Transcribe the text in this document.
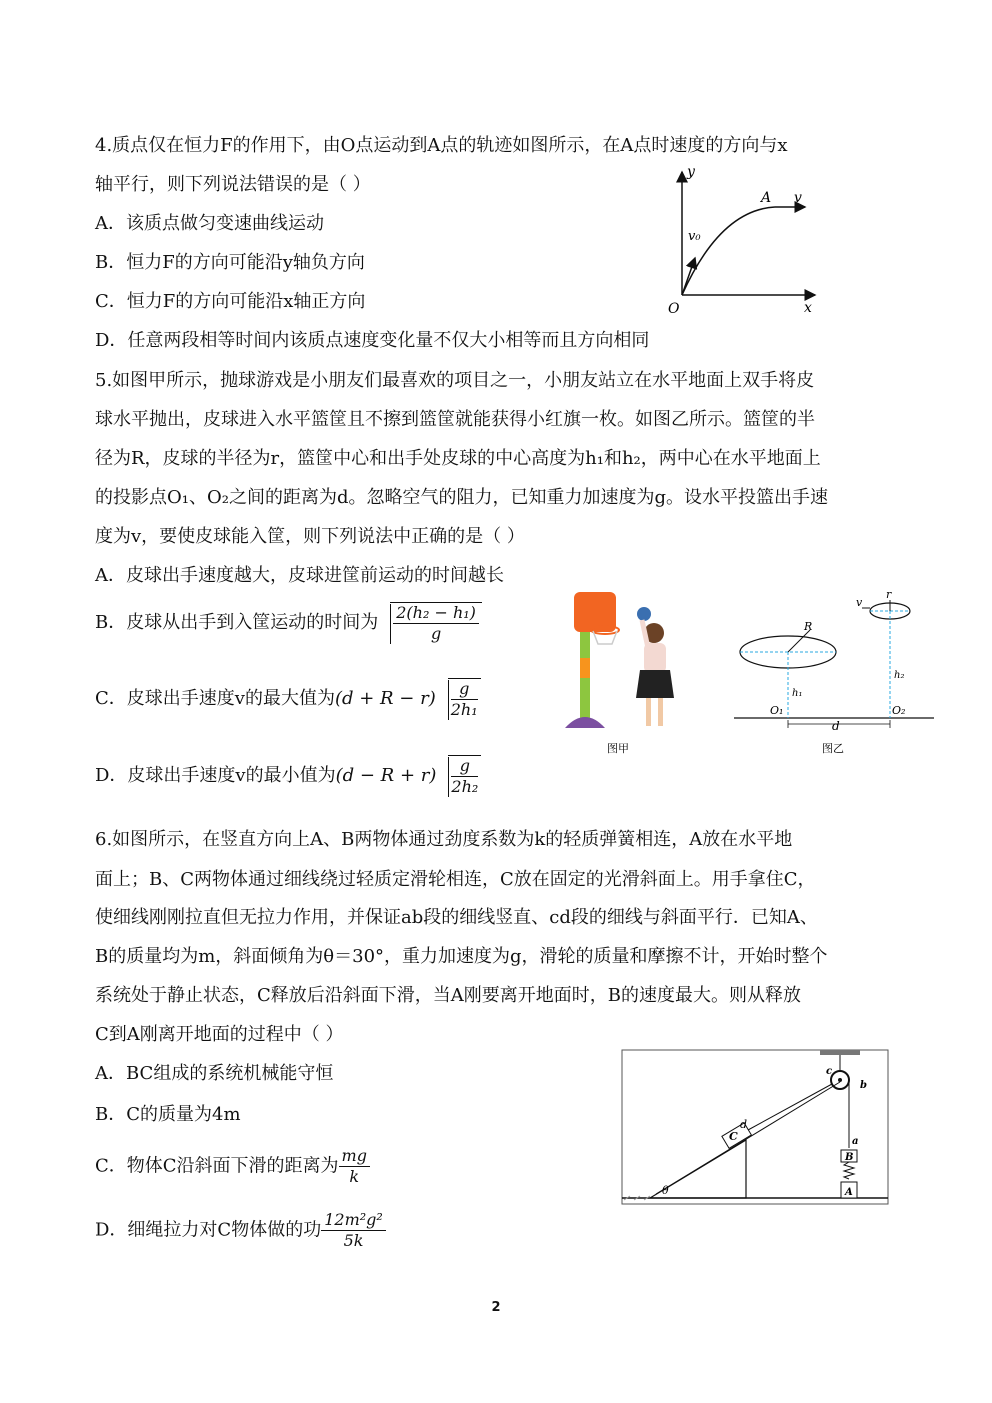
4.质点仅在恒力F的作用下，由O点运动到A点的轨迹如图所示，在A点时速度的方向与x
轴平行，则下列说法错误的是（ ）
A．该质点做匀变速曲线运动
B．恒力F的方向可能沿y轴负方向
C．恒力F的方向可能沿x轴正方向
D．任意两段相等时间内该质点速度变化量不仅大小相等而且方向相同
y
x
O
A v
v₀
5.如图甲所示，抛球游戏是小朋友们最喜欢的项目之一，小朋友站立在水平地面上双手将皮
球水平抛出，皮球进入水平篮筐且不擦到篮筐就能获得小红旗一枚。如图乙所示。篮筐的半
径为R，皮球的半径为r，篮筐中心和出手处皮球的中心高度为h₁和h₂，两中心在水平地面上
的投影点O₁、O₂之间的距离为d。忽略空气的阻力，已知重力加速度为g。设水平投篮出手速
度为v，要使皮球能入筐，则下列说法中正确的是（ ）
A．皮球出手速度越大，皮球进筐前运动的时间越长
B．皮球从出手到入筐运动的时间为 $\frac{\text{2(h₂ − h₁)}}{g}$
C．皮球出手速度v的最大值为$(d + R - r) \frac{g}{\text{2h₁}}$
D．皮球出手速度v的最小值为$(d - R + r) \frac{g}{\text{2h₂}}$
图甲
R
r
v
h₁
h₂
O₁	O₂
d
图乙
6.如图所示，在竖直方向上A、B两物体通过劲度系数为k的轻质弹簧相连，A放在水平地
面上；B、C两物体通过细线绕过轻质定滑轮相连，C放在固定的光滑斜面上。用手拿住C，
使细线刚刚拉直但无拉力作用，并保证ab段的细线竖直、cd段的细线与斜面平行．已知A、
B的质量均为m，斜面倾角为θ＝30°，重力加速度为g，滑轮的质量和摩擦不计，开始时整个
系统处于静止状态，C释放后沿斜面下滑，当A刚要离开地面时，B的速度最大。则从释放
C到A刚离开地面的过程中（ ）
A．BC组成的系统机械能守恒
B．C的质量为4m
C．物体C沿斜面下滑的距离为 $\frac{mg}{k}$
D．细绳拉力对C物体做的功 $\frac{\text{12m²g²}}{5k}$
a
b
c
d
C
B
A
θ
2
